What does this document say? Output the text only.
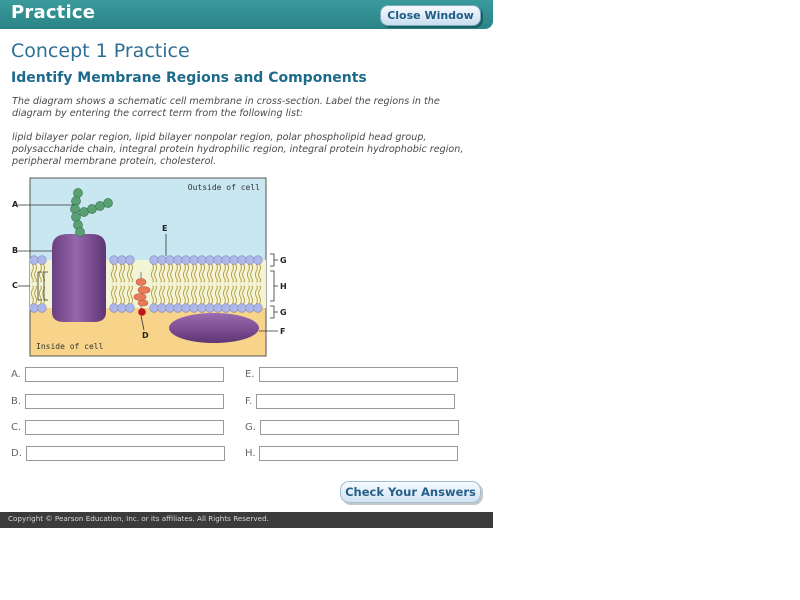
Practice	Close Window
Concept 1 Practice
Identify Membrane Regions and Components

The diagram shows a schematic cell membrane in cross-section. Label the regions in the diagram by entering the correct term from the following list:

lipid bilayer polar region, lipid bilayer nonpolar region, polar phospholipid head group, polysaccharide chain, integral protein hydrophilic region, integral protein hydrophobic region, peripheral membrane protein, cholesterol.

A
B
C
E
D
G
H
G
F
Outside of cell
Inside of cell
A.
B.
C.
D.
E.
F.
G.
H.
Check Your Answers
Copyright © Pearson Education, Inc. or its affiliates. All Rights Reserved.
